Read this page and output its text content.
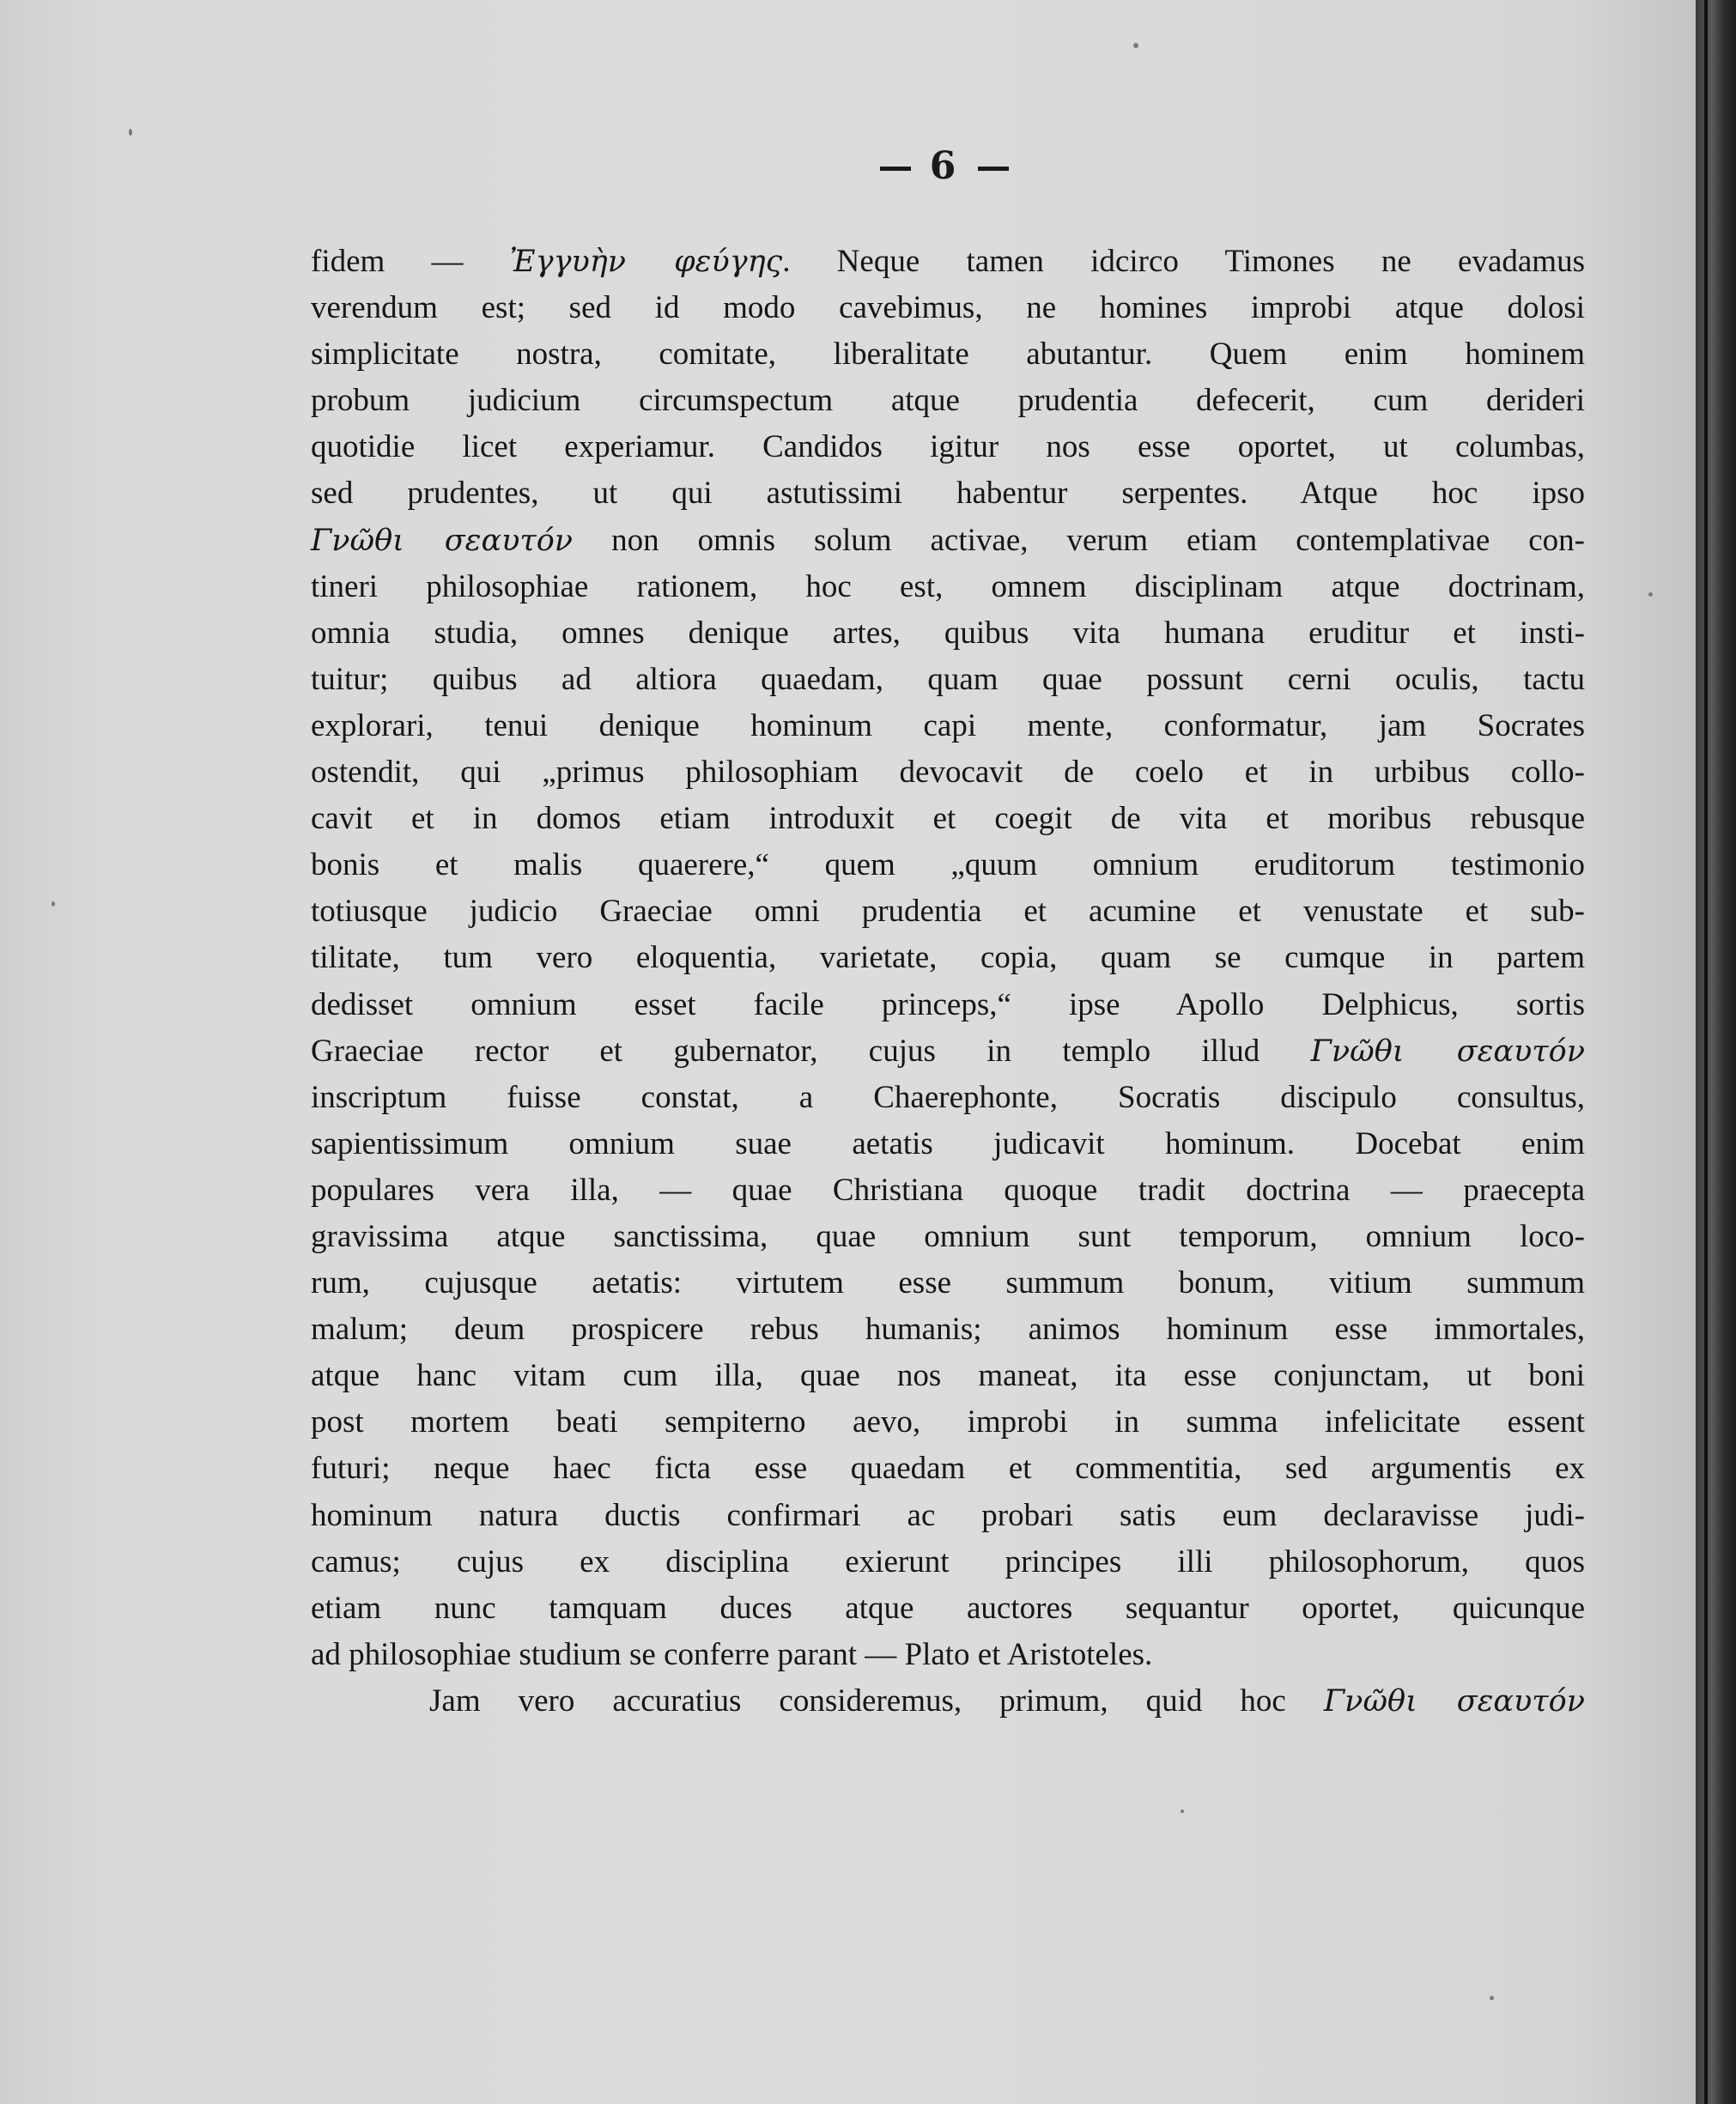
6
fidem — Ἐγγυὴν φεύγης. Neque tamen idcirco Timones ne evadamus
verendum est; sed id modo cavebimus, ne homines improbi atque dolosi
simplicitate nostra, comitate, liberalitate abutantur. Quem enim hominem
probum judicium circumspectum atque prudentia defecerit, cum derideri
quotidie licet experiamur. Candidos igitur nos esse oportet, ut columbas,
sed prudentes, ut qui astutissimi habentur serpentes. Atque hoc ipso
Γνῶθι σεαυτόν non omnis solum activae, verum etiam contemplativae con-
tineri philosophiae rationem, hoc est, omnem disciplinam atque doctrinam,
omnia studia, omnes denique artes, quibus vita humana eruditur et insti-
tuitur; quibus ad altiora quaedam, quam quae possunt cerni oculis, tactu
explorari, tenui denique hominum capi mente, conformatur, jam Socrates
ostendit, qui „primus philosophiam devocavit de coelo et in urbibus collo-
cavit et in domos etiam introduxit et coegit de vita et moribus rebusque
bonis et malis quaerere,“ quem „quum omnium eruditorum testimonio
totiusque judicio Graeciae omni prudentia et acumine et venustate et sub-
tilitate, tum vero eloquentia, varietate, copia, quam se cumque in partem
dedisset omnium esset facile princeps,“ ipse Apollo Delphicus, sortis
Graeciae rector et gubernator, cujus in templo illud Γνῶθι σεαυτόν
inscriptum fuisse constat, a Chaerephonte, Socratis discipulo consultus,
sapientissimum omnium suae aetatis judicavit hominum. Docebat enim
populares vera illa, — quae Christiana quoque tradit doctrina — praecepta
gravissima atque sanctissima, quae omnium sunt temporum, omnium loco-
rum, cujusque aetatis: virtutem esse summum bonum, vitium summum
malum; deum prospicere rebus humanis; animos hominum esse immortales,
atque hanc vitam cum illa, quae nos maneat, ita esse conjunctam, ut boni
post mortem beati sempiterno aevo, improbi in summa infelicitate essent
futuri; neque haec ficta esse quaedam et commentitia, sed argumentis ex
hominum natura ductis confirmari ac probari satis eum declaravisse judi-
camus; cujus ex disciplina exierunt principes illi philosophorum, quos
etiam nunc tamquam duces atque auctores sequantur oportet, quicunque
ad philosophiae studium se conferre parant — Plato et Aristoteles.
Jam vero accuratius consideremus, primum, quid hoc Γνῶθι σεαυτόν
